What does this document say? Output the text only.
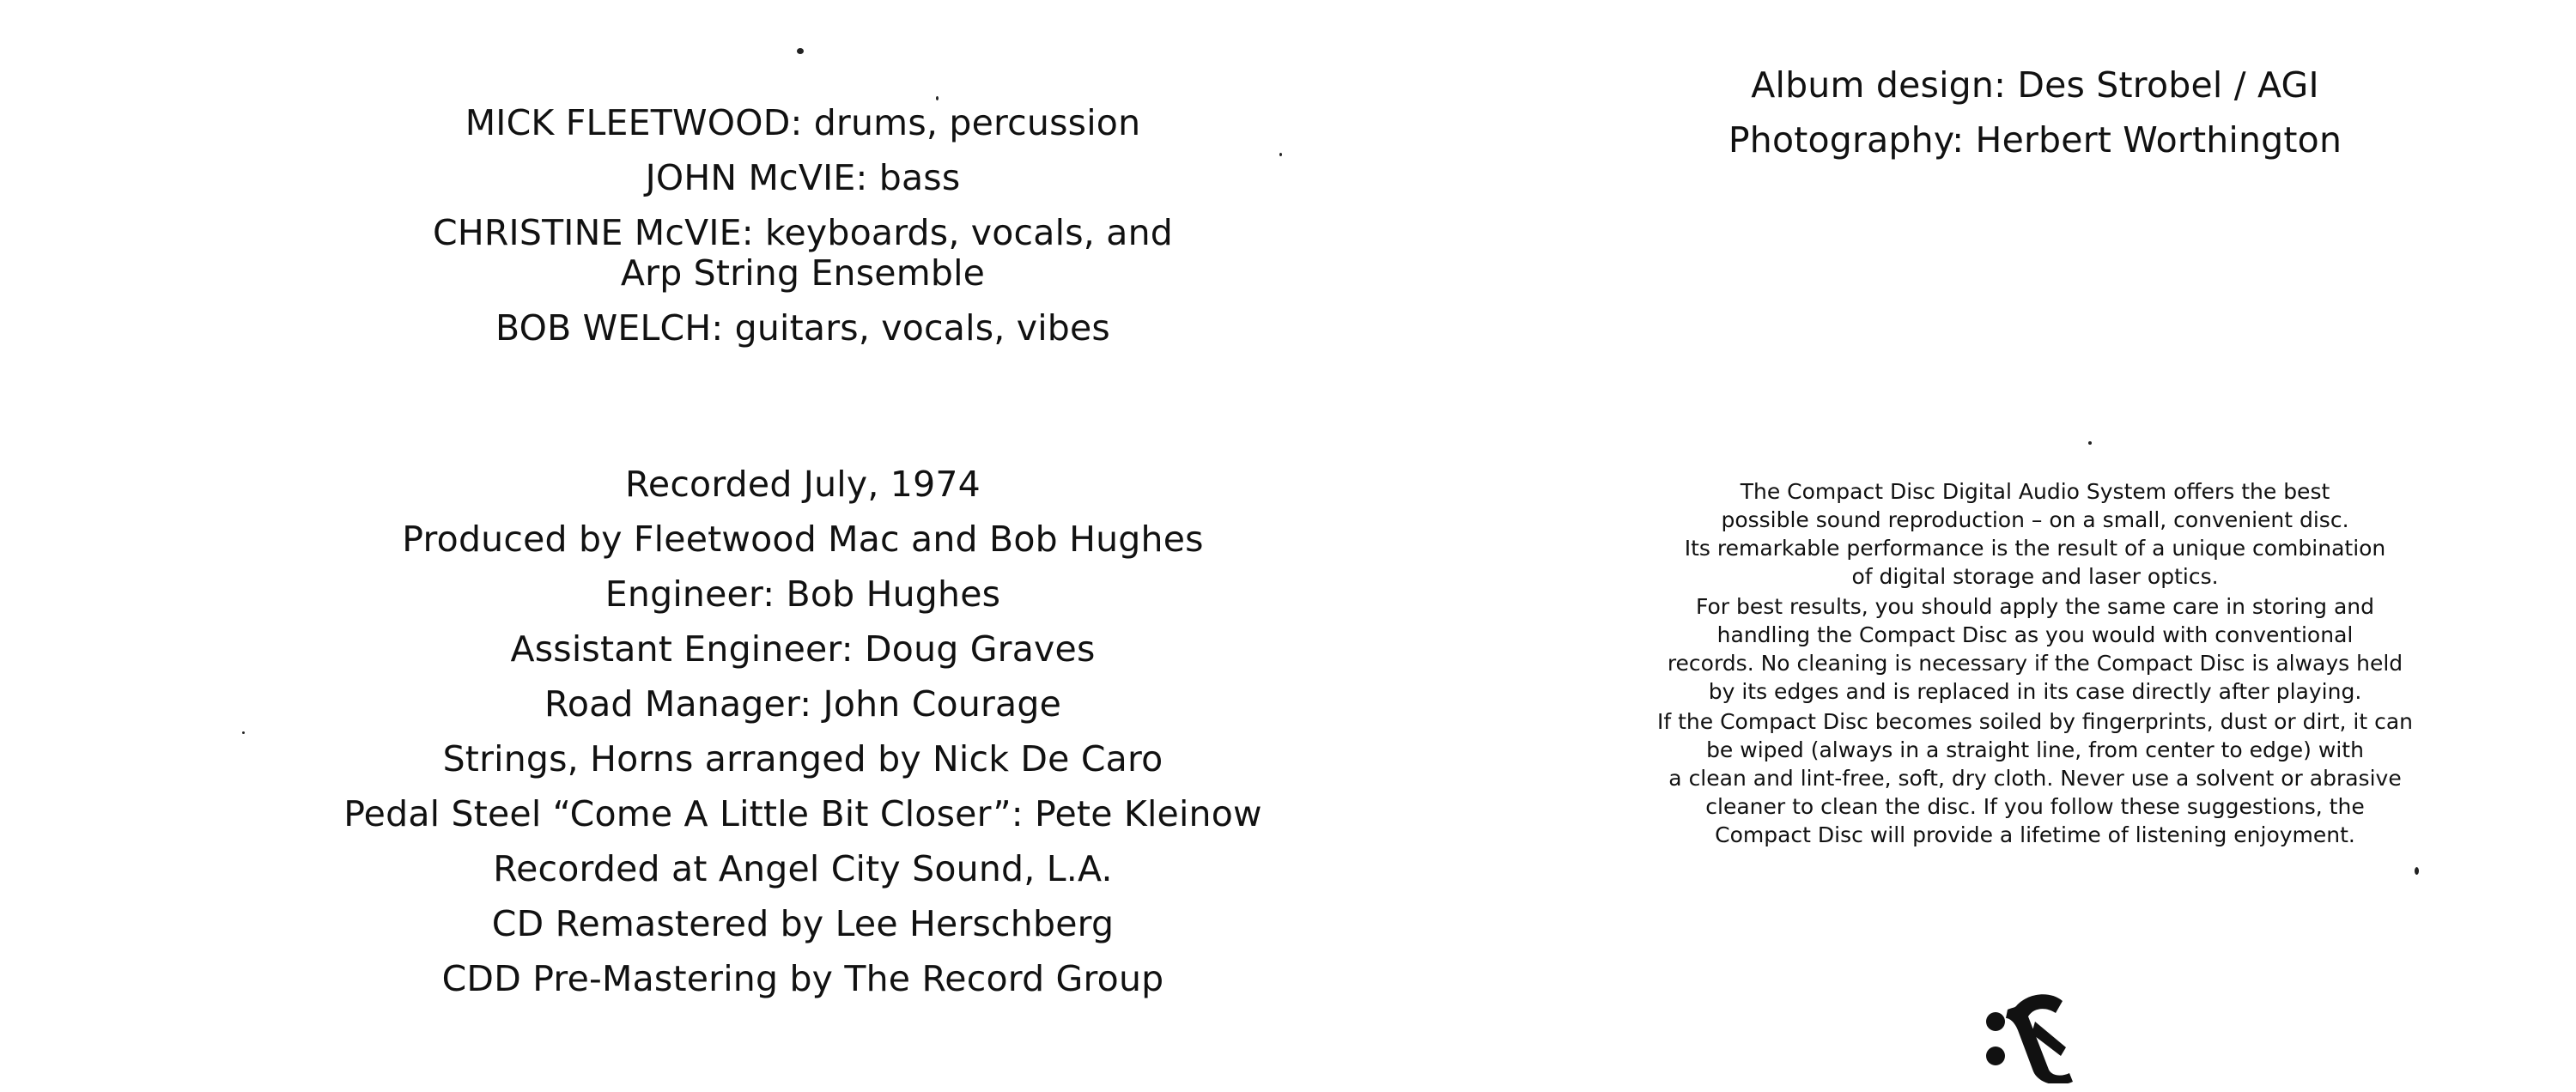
MICK FLEETWOOD: drums, percussion
JOHN McVIE: bass
CHRISTINE McVIE: keyboards, vocals, and
Arp String Ensemble
BOB WELCH: guitars, vocals, vibes
Recorded July, 1974
Produced by Fleetwood Mac and Bob Hughes
Engineer: Bob Hughes
Assistant Engineer: Doug Graves
Road Manager: John Courage
Strings, Horns arranged by Nick De Caro
Pedal Steel “Come A Little Bit Closer”: Pete Kleinow
Recorded at Angel City Sound, L.A.
CD Remastered by Lee Herschberg
CDD Pre-Mastering by The Record Group
Album design: Des Strobel / AGI
Photography: Herbert Worthington
The Compact Disc Digital Audio System offers the best
possible sound reproduction – on a small, convenient disc.
Its remarkable performance is the result of a unique combination
of digital storage and laser optics.
For best results, you should apply the same care in storing and
handling the Compact Disc as you would with conventional
records. No cleaning is necessary if the Compact Disc is always held
by its edges and is replaced in its case directly after playing.
If the Compact Disc becomes soiled by fingerprints, dust or dirt, it can
be wiped (always in a straight line, from center to edge) with
a clean and lint-free, soft, dry cloth. Never use a solvent or abrasive
cleaner to clean the disc. If you follow these suggestions, the
Compact Disc will provide a lifetime of listening enjoyment.
